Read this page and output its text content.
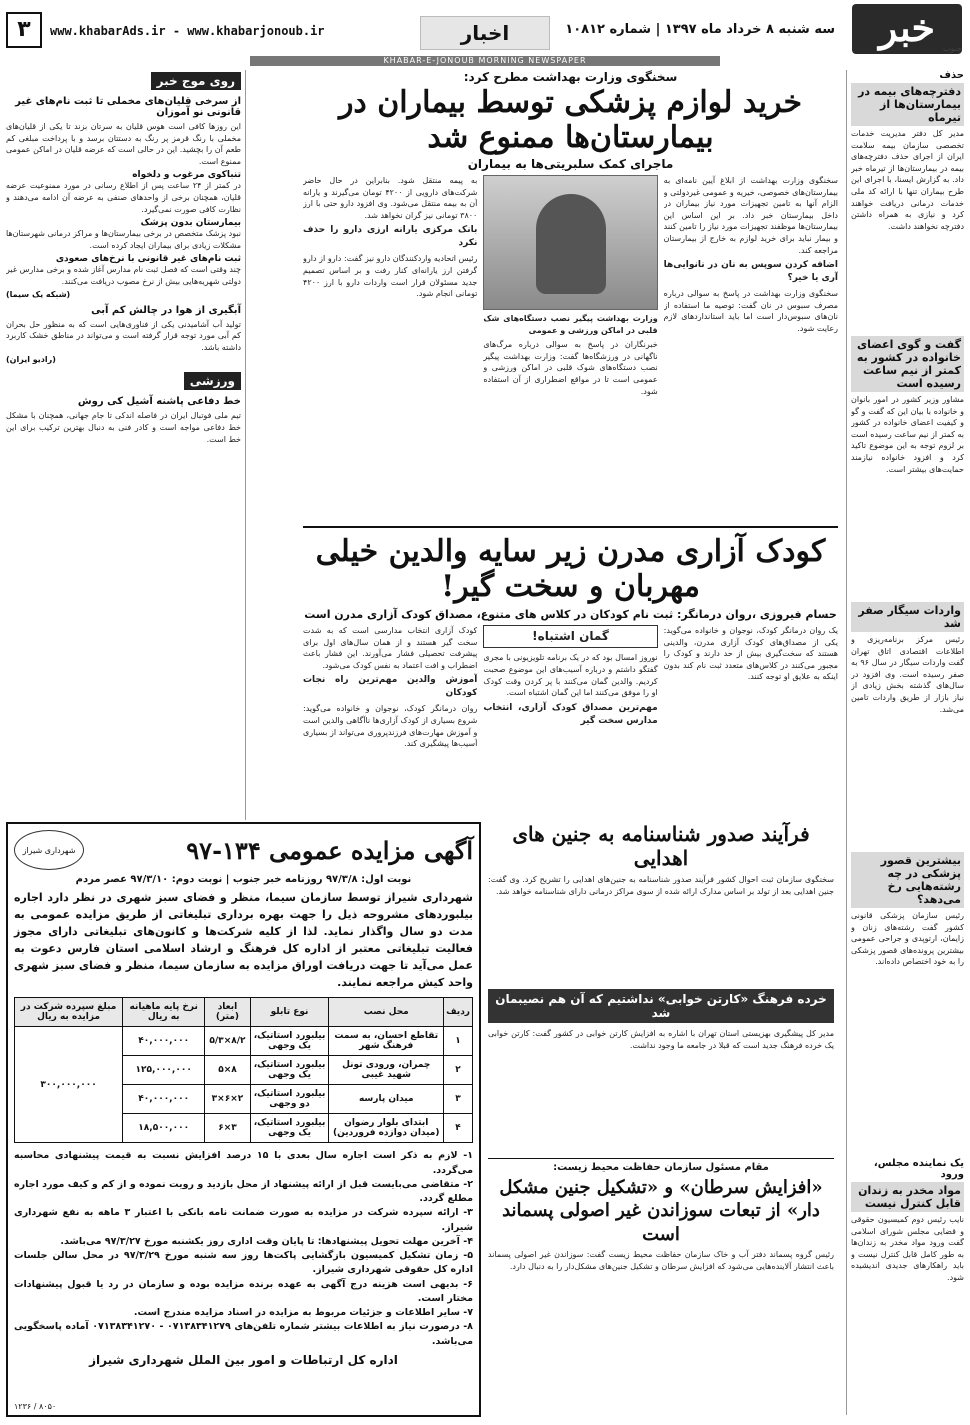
خبر	جنوب
سه شنبه ۸ خرداد ماه ۱۳۹۷ | شماره ۱۰۸۱۲
اخبار
www.khabarAds.ir - www.khabarjonoub.ir
۳
KHABAR-E-JONOUB MORNING NEWSPAPER
حذف
دفترچه‌های بیمه در بیمارستان‌ها از تیرماه
مدیر کل دفتر مدیریت خدمات تخصصی سازمان بیمه سلامت ایران از اجرای حذف دفترچه‌های بیمه در بیمارستان‌ها از تیرماه خبر داد. به گزارش ایسنا، با اجرای این طرح بیماران تنها با ارائه کد ملی خدمات درمانی دریافت خواهند کرد و نیازی به همراه داشتن دفترچه نخواهند داشت.
گفت و گوی اعضای خانواده در کشور به کمتر از نیم ساعت رسیده است
مشاور وزیر کشور در امور بانوان و خانواده با بیان این که گفت و گو و کیفیت اعضای خانواده در کشور به کمتر از نیم ساعت رسیده است بر لزوم توجه به این موضوع تاکید کرد و افزود خانواده نیازمند حمایت‌های بیشتر است.
واردات سیگار صفر شد
رئیس مرکز برنامه‌ریزی و اطلاعات اقتصادی اتاق تهران گفت واردات سیگار در سال ۹۶ به صفر رسیده است. وی افزود در سال‌های گذشته بخش زیادی از نیاز بازار از طریق واردات تامین می‌شد.
بیشترین قصور پزشکی در چه رشته‌هایی رخ می‌دهد؟
رئیس سازمان پزشکی قانونی کشور گفت رشته‌های زنان و زایمان، ارتوپدی و جراحی عمومی بیشترین پرونده‌های قصور پزشکی را به خود اختصاص داده‌اند.
یک نماینده مجلس، ورود
مواد مخدر به زندان قابل کنترل نیست
نایب رئیس دوم کمیسیون حقوقی و قضایی مجلس شورای اسلامی گفت ورود مواد مخدر به زندان‌ها به طور کامل قابل کنترل نیست و باید راهکارهای جدیدی اندیشیده شود.
سخنگوی وزارت بهداشت مطرح کرد:
خرید لوازم پزشکی توسط بیماران در بیمارستان‌ها ممنوع شد
ماجرای کمک سلبریتی‌ها به بیماران

سخنگوی وزارت بهداشت از ابلاغ آیین نامه‌ای به بیمارستان‌های خصوصی، خیریه و عمومی غیردولتی و الزام آنها به تامین تجهیزات مورد نیاز بیماران در داخل بیمارستان خبر داد. بر این اساس این بیمارستان‌ها موظفند تجهیزات مورد نیاز را تامین کنند و بیمار نباید برای خرید لوازم به خارج از بیمارستان مراجعه کند.

اضافه کردن سوپس به نان در نانوایی‌ها آری یا خیر؟

سخنگوی وزارت بهداشت در پاسخ به سوالی درباره مصرف سبوس در نان گفت: توصیه ما استفاده از نان‌های سبوس‌دار است اما باید استانداردهای لازم رعایت شود.

وزارت بهداشت پیگیر نصب دستگاه‌های شک قلبی در اماکن ورزشی و عمومی

خبرنگاران در پاسخ به سوالی درباره مرگ‌های ناگهانی در ورزشگاه‌ها گفت: وزارت بهداشت پیگیر نصب دستگاه‌های شوک قلبی در اماکن ورزشی و عمومی است تا در مواقع اضطراری از آن استفاده شود.

به پیمه منتقل شود. بنابراین در حال حاضر شرکت‌های دارویی از ۴۲۰۰ تومان می‌گیرند و یارانه آن به بیمه منتقل می‌شود. وی افزود دارو حتی با ارز ۳۸۰۰ تومانی نیز گران نخواهد شد.

بانک مرکزی یارانه ارزی دارو را حذف نکرد

رئیس اتحادیه واردکنندگان دارو نیز گفت: دارو از دارو گرفتن ارز یارانه‌ای کنار رفت و بر اساس تصمیم جدید مسئولان قرار است واردات دارو با ارز ۴۲۰۰ تومانی انجام شود.

کودک آزاری مدرن زیر سایه والدین خیلی مهربان و سخت گیر!
حسام فیروزی ،روان درمانگر: ثبت نام کودکان در کلاس های متنوع، مصداق کودک آزاری مدرن است

یک روان درمانگر کودک، نوجوان و خانواده می‌گوید: یکی از مصداق‌های کودک آزاری مدرن، والدینی هستند که سخت‌گیری بیش از حد دارند و کودک را مجبور می‌کنند در کلاس‌های متعدد ثبت نام کند بدون اینکه به علایق او توجه کنند.

گمان اشتباه!

نوروز امسال بود که در یک برنامه تلویزیونی با مجری گفتگو داشتم و درباره آسیب‌های این موضوع صحبت کردیم. والدین گمان می‌کنند با پر کردن وقت کودک او را موفق می‌کنند اما این گمان اشتباه است.

مهم‌ترین مصداق کودک آزاری، انتخاب مدارس سخت گیر

کودک آزاری انتخاب مدارسی است که به شدت سخت گیر هستند و از همان سال‌های اول برای پیشرفت تحصیلی فشار می‌آورند. این فشار باعث اضطراب و افت اعتماد به نفس کودک می‌شود.

آموزش والدین مهم‌ترین راه نجات کودکان

روان درمانگر کودک، نوجوان و خانواده می‌گوید: شروع بسیاری از کودک آزاری‌ها ناآگاهی والدین است و آموزش مهارت‌های فرزندپروری می‌تواند از بسیاری آسیب‌ها پیشگیری کند.

روی موج خبر
از سرخی قلیان‌های مخملی تا ثبت نام‌های غیر قانونی نو آموزان
این روزها کافی است هوس قلیان به سرتان بزند تا یکی از قلیان‌های مخملی با رنگ قرمز پر رنگ به دستتان برسد و با پرداخت مبلغی کم طعم آن را بچشید. این در حالی است که عرضه قلیان در اماکن عمومی ممنوع است.
تنباکوی مرغوب و دلخواه
در کمتر از ۲۴ ساعت پس از اطلاع رسانی در مورد ممنوعیت عرضه قلیان، همچنان برخی از واحدهای صنفی به عرضه آن ادامه می‌دهند و نظارت کافی صورت نمی‌گیرد.
بیمارستان بدون پزشک
نبود پزشک متخصص در برخی بیمارستان‌ها و مراکز درمانی شهرستان‌ها مشکلات زیادی برای بیماران ایجاد کرده است.
ثبت نام‌های غیر قانونی با نرخ‌های صعودی
چند وقتی است که فصل ثبت نام مدارس آغاز شده و برخی مدارس غیر دولتی شهریه‌هایی بیش از نرخ مصوب دریافت می‌کنند.
(شبکه یک سیما)
آبگیری از هوا در چالش کم آبی
تولید آب آشامیدنی یکی از فناوری‌هایی است که به منظور حل بحران کم آبی مورد توجه قرار گرفته است و می‌تواند در مناطق خشک کاربرد داشته باشد.
(رادیو ایران)
ورزشی
خط دفاعی پاشنه آشیل کی روش
تیم ملی فوتبال ایران در فاصله اندکی تا جام جهانی، همچنان با مشکل خط دفاعی مواجه است و کادر فنی به دنبال بهترین ترکیب برای این خط است.
آگهی مزایده عمومی ۱۳۴-۹۷
شهرداری شیراز
نوبت اول: ۹۷/۳/۸ روزنامه خبر جنوب | نوبت دوم: ۹۷/۳/۱۰ عصر مردم
شهرداری شیراز توسط سازمان سیما، منظر و فضای سبز شهری در نظر دارد اجاره بیلبوردهای مشروحه ذیل را جهت بهره برداری تبلیغاتی از طریق مزایده عمومی به مدت دو سال واگذار نماید. لذا از کلیه شرکت‌ها و کانون‌های تبلیغاتی دارای مجوز فعالیت تبلیغاتی معتبر از اداره کل فرهنگ و ارشاد اسلامی استان فارس دعوت به عمل می‌آید تا جهت دریافت اوراق مزایده به سازمان سیما، منظر و فضای سبز شهری واحد کیش مراجعه نمایند.
ردیف	محل نصب	نوع تابلو	ابعاد (متر)	نرخ پایه ماهیانه به ریال	مبلغ سپرده شرکت در مزایده به ریال
۱	تقاطع احسان، به سمت فرهنگ شهر	بیلبورد استاتیک، یک وجهی	۸/۲×۵/۳	۴۰,۰۰۰,۰۰۰	۳۰۰,۰۰۰,۰۰۰
۲	چمران، ورودی تونل شهید غیبی	بیلبورد استاتیک، یک وجهی	۸×۵	۱۲۵,۰۰۰,۰۰۰	
۳	میدان پارسه	بیلبورد استاتیک، دو وجهی	۲×۶×۳	۴۰,۰۰۰,۰۰۰	
۴	ابتدای بلوار رضوان (میدان دوازده فروردین)	بیلبورد استاتیک، یک وجهی	۳×۶	۱۸,۵۰۰,۰۰۰	
۱- لازم به ذکر است اجاره سال بعدی با ۱۵ درصد افزایش نسبت به قیمت پیشنهادی محاسبه می‌گردد.
۲- متقاضی می‌بایست قبل از ارائه پیشنهاد از محل بازدید و رویت نموده و از کم و کیف مورد اجاره مطلع گردد.
۳- ارائه سپرده شرکت در مزایده به صورت ضمانت نامه بانکی با اعتبار ۳ ماهه به نفع شهرداری شیراز.
۴- آخرین مهلت تحویل پیشنهادها: تا پایان وقت اداری روز یکشنبه مورخ ۹۷/۳/۲۷ می‌باشد.
۵- زمان تشکیل کمیسیون بازگشایی پاکت‌ها روز سه شنبه مورخ ۹۷/۳/۲۹ در محل سالن جلسات اداره کل حقوقی شهرداری شیراز.
۶- بدیهی است هزینه درج آگهی به عهده برنده مزایده بوده و سازمان در رد یا قبول پیشنهادات مختار است.
۷- سایر اطلاعات و جزئیات مربوط به مزایده در اسناد مزایده مندرج است.
۸- درصورت نیاز به اطلاعات بیشتر شماره تلفن‌های ۰۷۱۳۸۳۴۱۲۷۹ - ۰۷۱۳۸۳۴۱۲۷۰ آماده پاسخگویی می‌باشد.
اداره کل ارتباطات و امور بین الملل شهرداری شیراز
۱۲۳۶ / ۸۰۵۰
فرآیند صدور شناسنامه به جنین های اهدایی
سخنگوی سازمان ثبت احوال کشور فرآیند صدور شناسنامه به جنین‌های اهدایی را تشریح کرد. وی گفت: جنین اهدایی بعد از تولد بر اساس مدارک ارائه شده از سوی مراکز درمانی دارای شناسنامه خواهد شد.
خرده فرهنگ «کارتن خوابی» نداشتیم که آن هم نصیبمان شد
مدیر کل پیشگیری بهزیستی استان تهران با اشاره به افزایش کارتن خوابی در کشور گفت: کارتن خوابی یک خرده فرهنگ جدید است که قبلا در جامعه ما وجود نداشت.
مقام مسئول سازمان حفاظت محیط زیست:
«افزایش سرطان» و «تشکیل جنین مشکل دار» از تبعات سوزاندن غیر اصولی پسماند است
رئیس گروه پسماند دفتر آب و خاک سازمان حفاظت محیط زیست گفت: سوزاندن غیر اصولی پسماند باعث انتشار آلاینده‌هایی می‌شود که افزایش سرطان و تشکیل جنین‌های مشکل‌دار را به دنبال دارد.
